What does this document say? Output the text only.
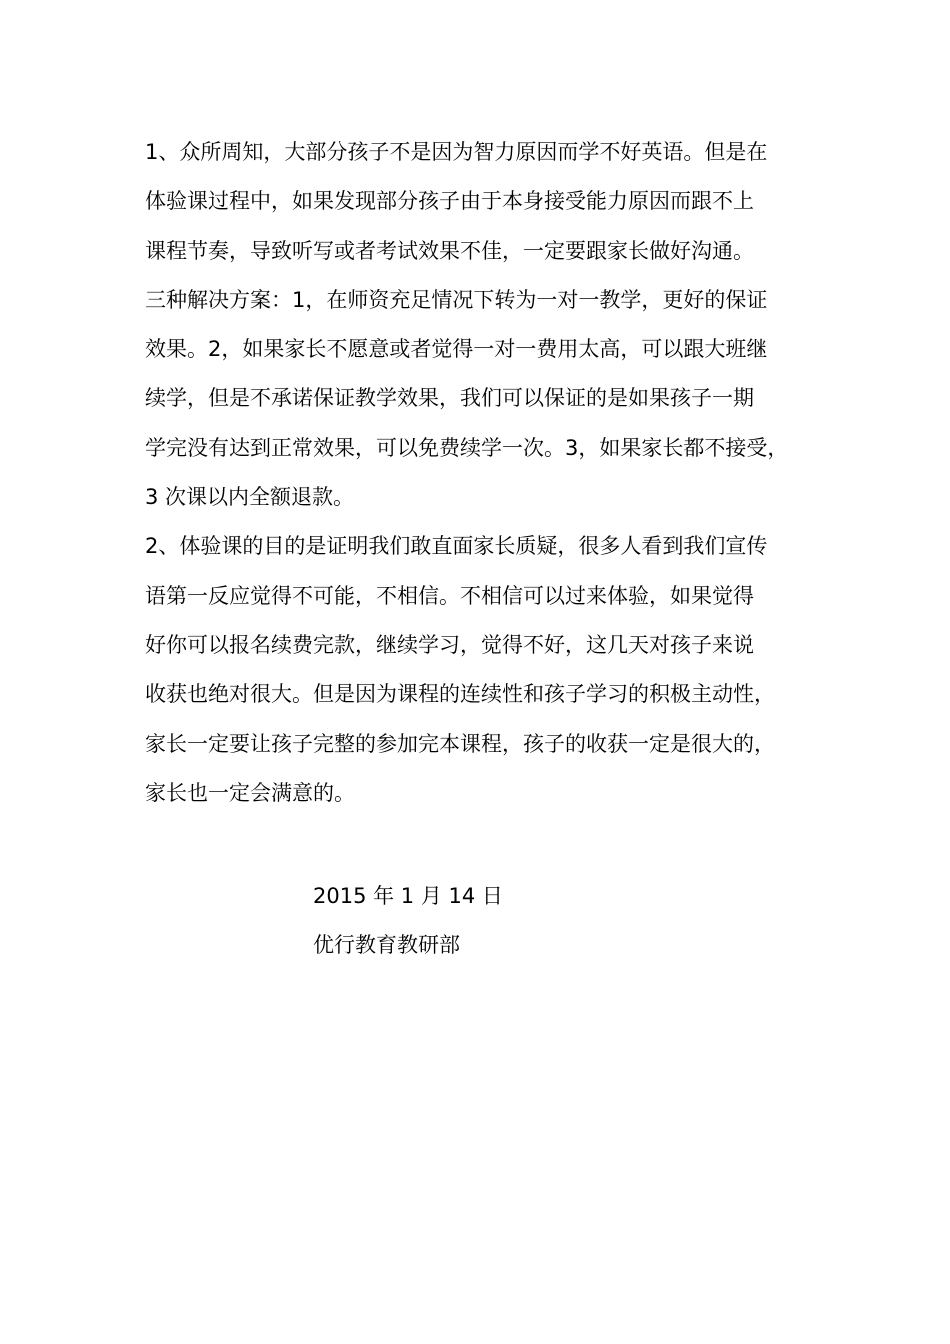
1、众所周知，大部分孩子不是因为智力原因而学不好英语。但是在
体验课过程中，如果发现部分孩子由于本身接受能力原因而跟不上
课程节奏，导致听写或者考试效果不佳，一定要跟家长做好沟通。
三种解决方案：1，在师资充足情况下转为一对一教学，更好的保证
效果。2，如果家长不愿意或者觉得一对一费用太高，可以跟大班继
续学，但是不承诺保证教学效果，我们可以保证的是如果孩子一期
学完没有达到正常效果，可以免费续学一次。3，如果家长都不接受，
3 次课以内全额退款。
2、体验课的目的是证明我们敢直面家长质疑，很多人看到我们宣传
语第一反应觉得不可能，不相信。不相信可以过来体验，如果觉得
好你可以报名续费完款，继续学习，觉得不好，这几天对孩子来说
收获也绝对很大。但是因为课程的连续性和孩子学习的积极主动性，
家长一定要让孩子完整的参加完本课程，孩子的收获一定是很大的，
家长也一定会满意的。
2015 年 1 月 14 日
优行教育教研部
